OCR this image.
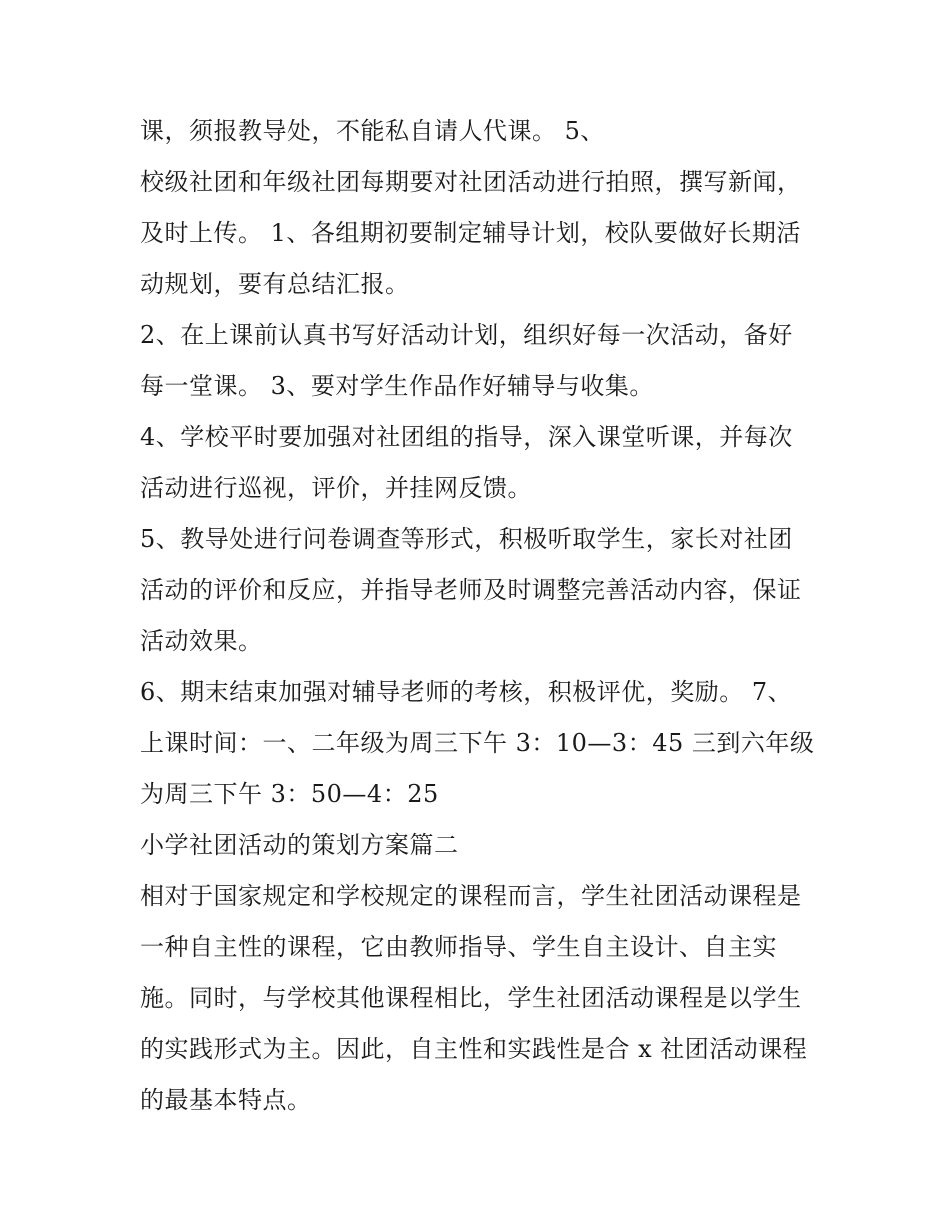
课，须报教导处，不能私自请人代课。 5、
校级社团和年级社团每期要对社团活动进行拍照，撰写新闻，
及时上传。 1、各组期初要制定辅导计划，校队要做好长期活
动规划，要有总结汇报。
2、在上课前认真书写好活动计划，组织好每一次活动，备好
每一堂课。 3、要对学生作品作好辅导与收集。
4、学校平时要加强对社团组的指导，深入课堂听课，并每次
活动进行巡视，评价，并挂网反馈。
5、教导处进行问卷调查等形式，积极听取学生，家长对社团
活动的评价和反应，并指导老师及时调整完善活动内容，保证
活动效果。
6、期末结束加强对辅导老师的考核，积极评优，奖励。 7、
上课时间：一、二年级为周三下午 3：10—3：45 三到六年级
为周三下午 3：50—4：25
小学社团活动的策划方案篇二
相对于国家规定和学校规定的课程而言，学生社团活动课程是
一种自主性的课程，它由教师指导、学生自主设计、自主实
施。同时，与学校其他课程相比，学生社团活动课程是以学生
的实践形式为主。因此，自主性和实践性是合 x 社团活动课程
的最基本特点。
